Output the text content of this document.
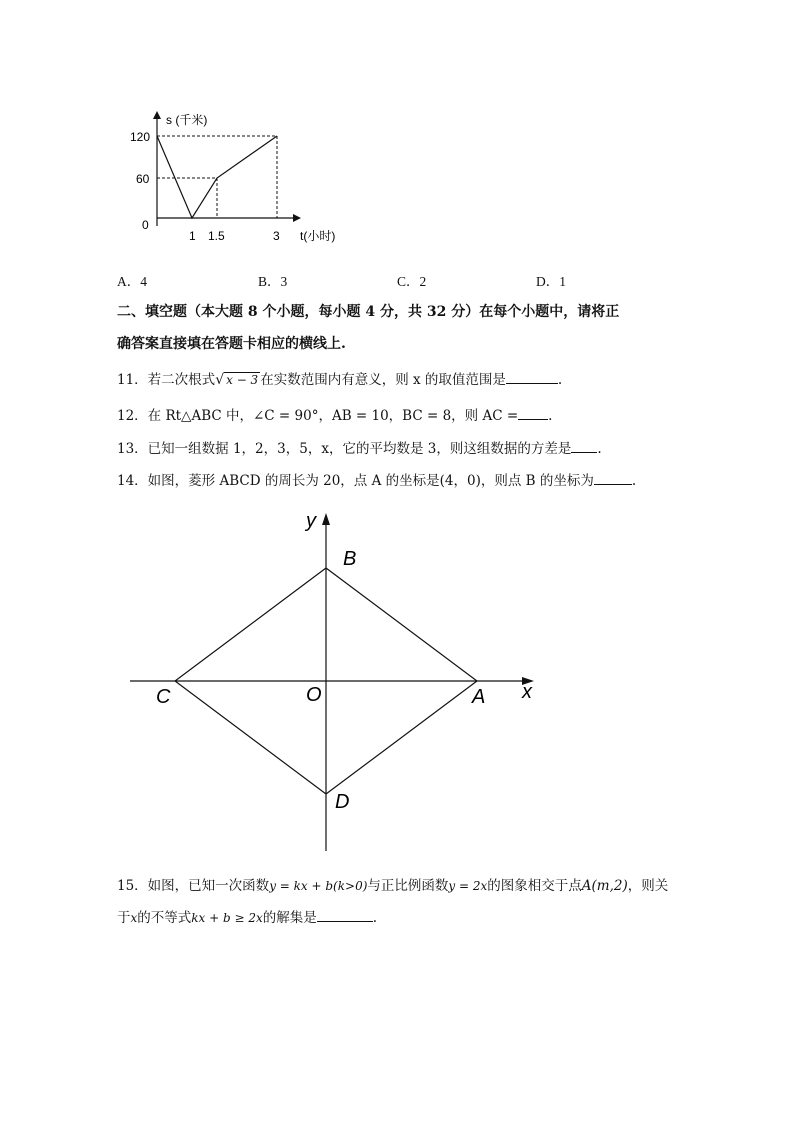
s (千米)
t(小时)
120
60
0
1 1.5	3
A．4	B．3	C．2	D．1
二、填空题（本大题 8 个小题，每小题 4 分，共 32 分）在每个小题中，请将正
确答案直接填在答题卡相应的横线上.
11．若二次根式√ x − 3 在实数范围内有意义，则 x 的取值范围是	.
12．在 Rt△ABC 中，∠C = 90°，AB = 10，BC = 8，则 AC = .
13．已知一组数据 1，2，3，5，x，它的平均数是 3，则这组数据的方差是 .
14．如图，菱形 ABCD 的周长为 20，点 A 的坐标是(4，0)，则点 B 的坐标为	.
y
x
B
C	O	A
D
15．如图，已知一次函数y = kx + b(k>0)与正比例函数y = 2x的图象相交于点A(m,2)，则关
于x的不等式kx + b ≥ 2x的解集是	.
